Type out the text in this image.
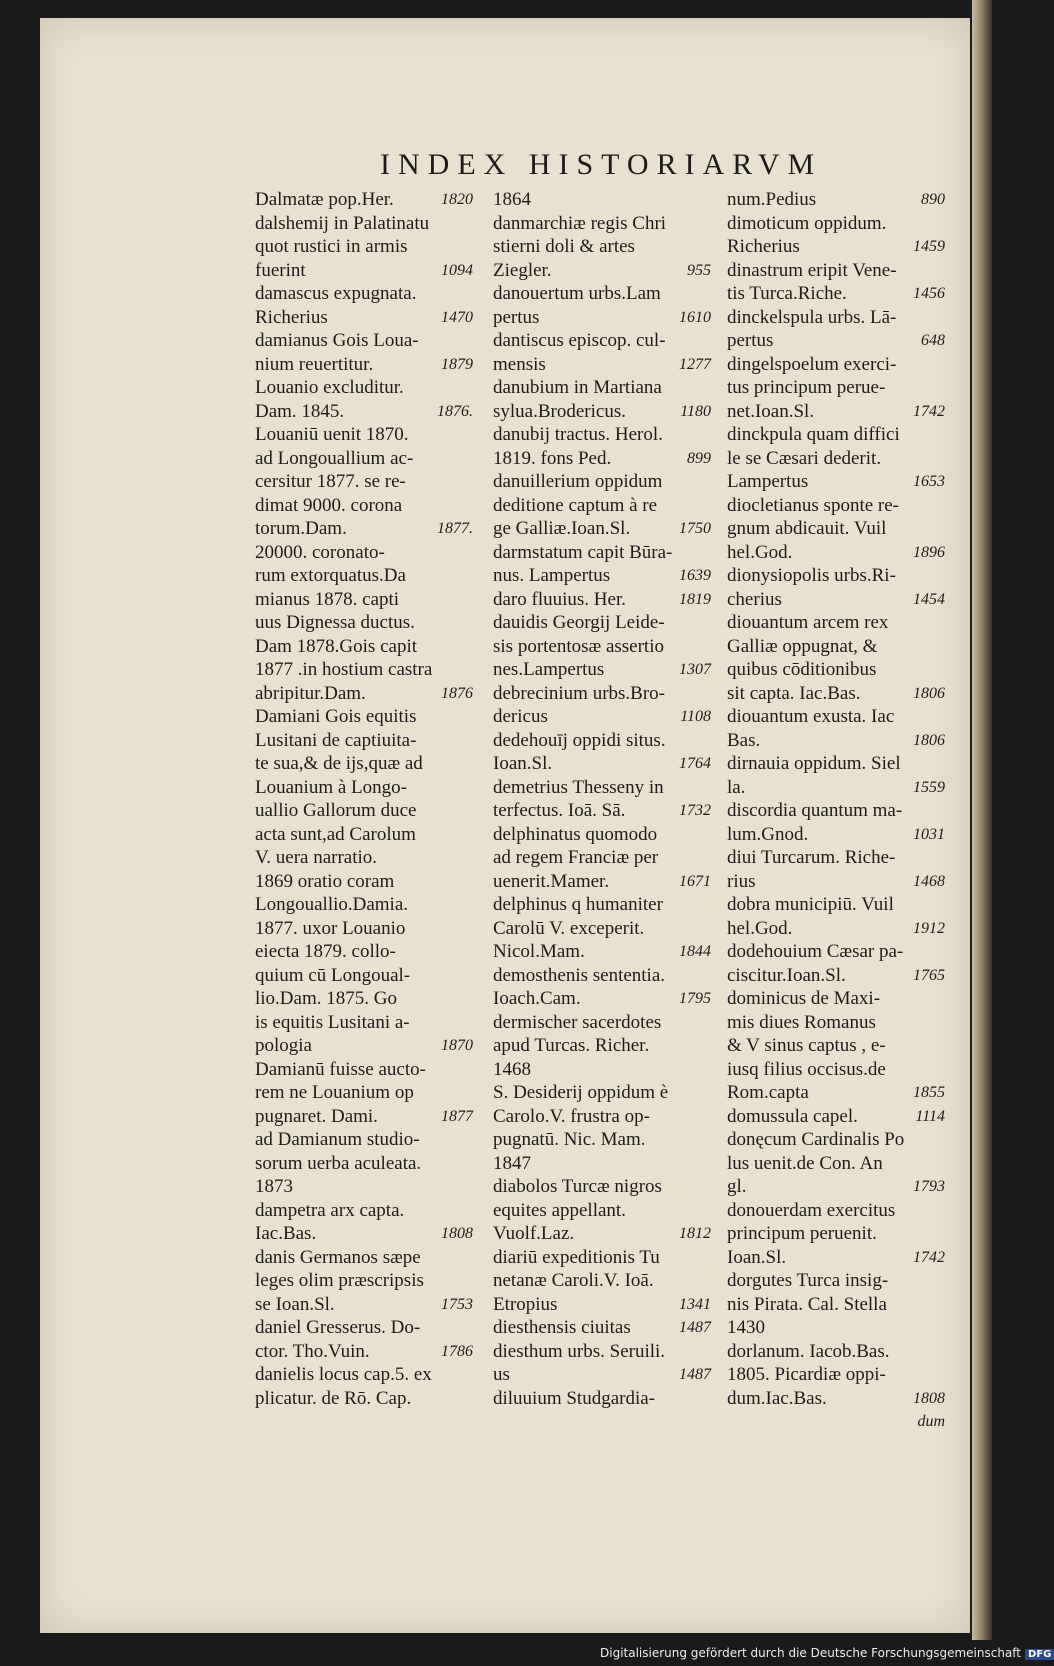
INDEX HISTORIARVM
Dalmatæ pop.Her.	1820
dalshemij in Palatinatu
quot rustici in armis
fuerint	1094
damascus expugnata.
Richerius	1470
damianus Gois Loua-
nium reuertitur.	1879
Louanio excluditur.
Dam. 1845.	1876.
Louaniū uenit 1870.
ad Longouallium ac-
cersitur 1877. se re-
dimat 9000. corona
torum.Dam.	1877.
20000. coronato-
rum extorquatus.Da
mianus 1878. capti
uus Dignessa ductus.
Dam 1878.Gois capit
1877 .in hostium castra
abripitur.Dam.	1876
Damiani Gois equitis
Lusitani de captiuita-
te sua,& de ijs,quæ ad
Louanium à Longo-
uallio Gallorum duce
acta sunt,ad Carolum
V. uera narratio.
1869 oratio coram
Longouallio.Damia.
1877. uxor Louanio
eiecta 1879. collo-
quium cū Longoual-
lio.Dam. 1875. Go
is equitis Lusitani a-
pologia	1870
Damianū fuisse aucto-
rem ne Louanium op
pugnaret. Dami.	1877
ad Damianum studio-
sorum uerba aculeata.
1873
dampetra arx capta.
Iac.Bas.	1808
danis Germanos sæpe
leges olim præscripsis
se Ioan.Sl.	1753
daniel Gresserus. Do-
ctor. Tho.Vuin.	1786
danielis locus cap.5. ex
plicatur. de Rō. Cap.
1864
danmarchiæ regis Chri
stierni doli & artes
Ziegler.	955
danouertum urbs.Lam
pertus	1610
dantiscus episcop. cul-
mensis	1277
danubium in Martiana
sylua.Brodericus.	1180
danubij tractus. Herol.
1819. fons Ped.	899
danuillerium oppidum
deditione captum à re
ge Galliæ.Ioan.Sl.	1750
darmstatum capit Būra-
nus. Lampertus	1639
daro fluuius. Her.	1819
dauidis Georgij Leide-
sis portentosæ assertio
nes.Lampertus	1307
debrecinium urbs.Bro-
dericus	1108
dedehouīj oppidi situs.
Ioan.Sl.	1764
demetrius Thesseny in
terfectus. Ioā. Sā.	1732
delphinatus quomodo
ad regem Franciæ per
uenerit.Mamer.	1671
delphinus q humaniter
Carolū V. exceperit.
Nicol.Mam.	1844
demosthenis sententia.
Ioach.Cam.	1795
dermischer sacerdotes
apud Turcas. Richer.
1468
S. Desiderij oppidum è
Carolo.V. frustra op-
pugnatū. Nic. Mam.
1847
diabolos Turcæ nigros
equites appellant.
Vuolf.Laz.	1812
diariū expeditionis Tu
netanæ Caroli.V. Ioā.
Etropius	1341
diesthensis ciuitas	1487
diesthum urbs. Seruili.
us	1487
diluuium Studgardia-
num.Pedius	890
dimoticum oppidum.
Richerius	1459
dinastrum eripit Vene-
tis Turca.Riche.	1456
dinckelspula urbs. Lā-
pertus	648
dingelspoelum exerci-
tus principum perue-
net.Ioan.Sl.	1742
dinckpula quam diffici
le se Cæsari dederit.
Lampertus	1653
diocletianus sponte re-
gnum abdicauit. Vuil
hel.God.	1896
dionysiopolis urbs.Ri-
cherius	1454
diouantum arcem rex
Galliæ oppugnat, &
quibus cōditionibus
sit capta. Iac.Bas.	1806
diouantum exusta. Iac
Bas.	1806
dirnauia oppidum. Siel
la.	1559
discordia quantum ma-
lum.Gnod.	1031
diui Turcarum. Riche-
rius	1468
dobra municipiū. Vuil
hel.God.	1912
dodehouium Cæsar pa-
ciscitur.Ioan.Sl.	1765
dominicus de Maxi-
mis diues Romanus
& V sinus captus , e-
iusq filius occisus.de
Rom.capta	1855
domussula capel.	1114
donęcum Cardinalis Po
lus uenit.de Con. An
gl.	1793
donouerdam exercitus
principum peruenit.
Ioan.Sl.	1742
dorgutes Turca insig-
nis Pirata. Cal. Stella
1430
dorlanum. Iacob.Bas.
1805. Picardiæ oppi-
dum.Iac.Bas.	1808
dum
Digitalisierung gefördert durch die Deutsche Forschungsgemeinschaft DFG
